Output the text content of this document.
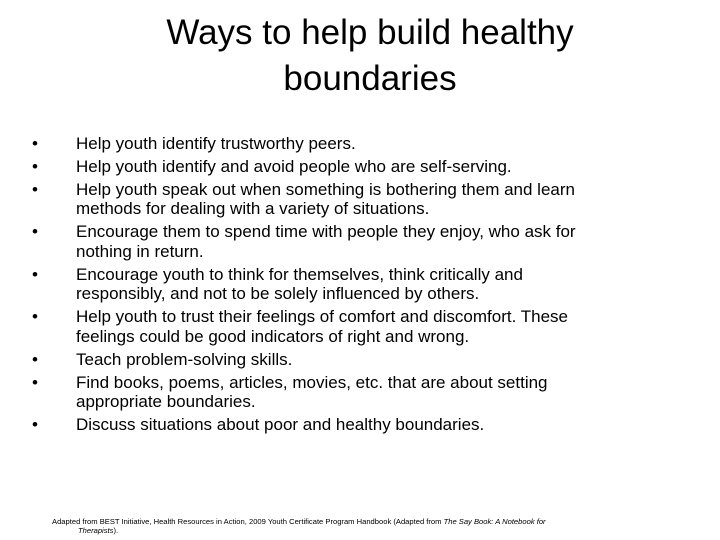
Ways to help build healthy
boundaries
•	Help youth identify trustworthy peers.
•	Help youth identify and avoid people who are self-serving.
•	Help youth speak out when something is bothering them and learn
methods for dealing with a variety of situations.
•	Encourage them to spend time with people they enjoy, who ask for
nothing in return.
•	Encourage youth to think for themselves, think critically and
responsibly, and not to be solely influenced by others.
•	Help youth to trust their feelings of comfort and discomfort. These
feelings could be good indicators of right and wrong.
•	Teach problem-solving skills.
•	Find books, poems, articles, movies, etc. that are about setting
appropriate boundaries.
•	Discuss situations about poor and healthy boundaries.

Adapted from BEST Initiative, Health Resources in Action, 2009 Youth Certificate Program Handbook (Adapted from The Say Book: A Notebook for
Therapists).
